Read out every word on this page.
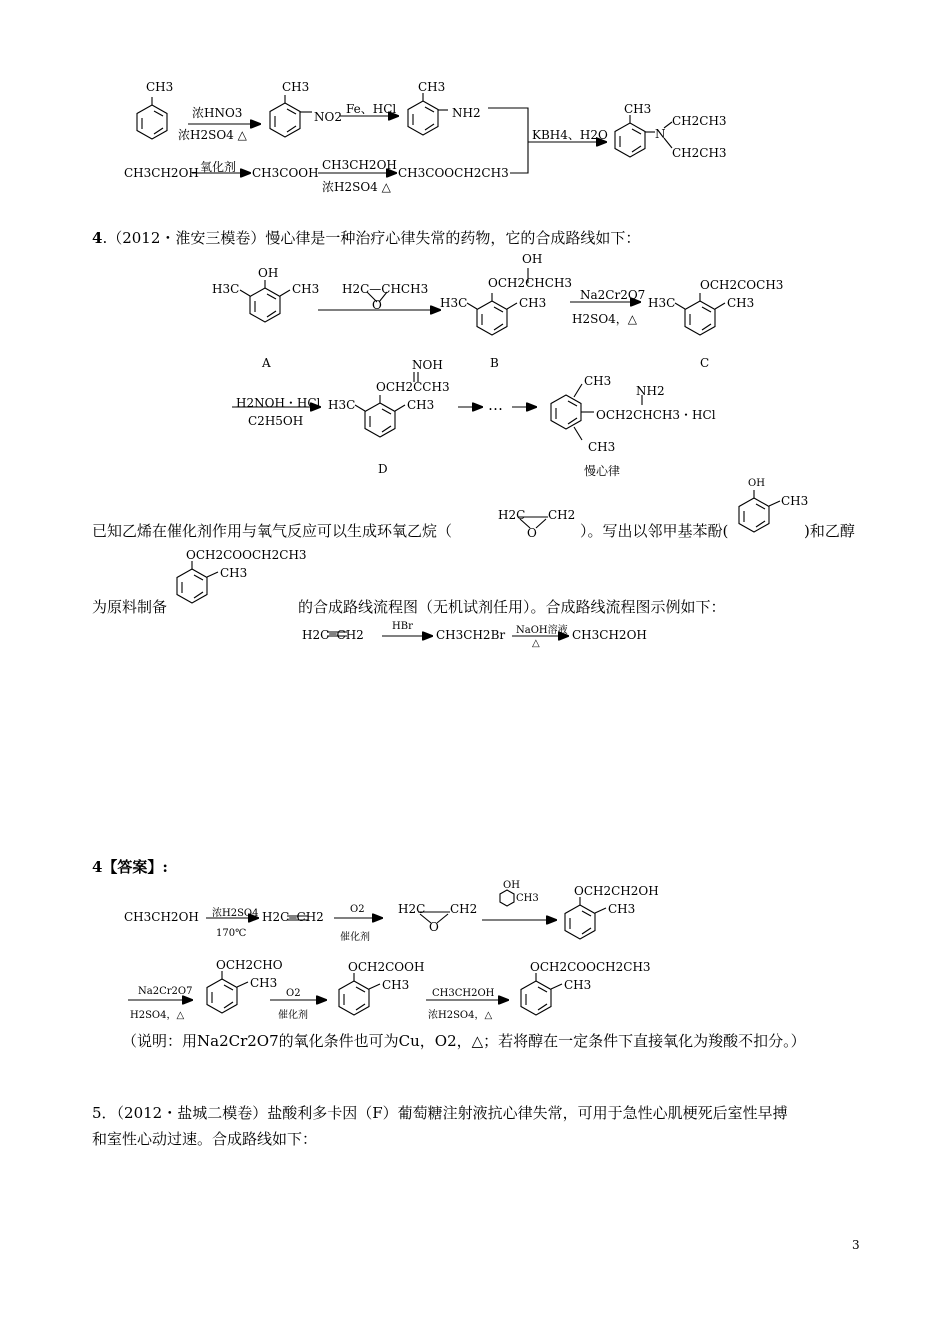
CH3
浓HNO3
浓H2SO4 △
CH3
NO2
Fe、HCl
CH3
NH2
KBH4、H2O
CH3
N
CH2CH3
CH2CH3
CH3CH2OH 氧化剂 CH3COOH
CH3CH2OH
浓H2SO4 △
CH3COOCH2CH3
4.（2012・淮安三模卷）慢心律是一种治疗心律失常的药物，它的合成路线如下：
OH
H3C	CH3
A
H2C—CHCH3
O
OH
OCH2CHCH3
H3C	CH3
B
Na2Cr2O7
H2SO4，△
OCH2COCH3
H3C	CH3
C
H2NOH・HCl
C2H5OH
NOH
OCH2CCH3
H3C	CH3
D
…
CH3
NH2
OCH2CHCH3・HCl
CH3
慢心律
已知乙烯在催化剂作用与氧气反应可以生成环氧乙烷（
H2C CH2
O	）。写出以邻甲基苯酚(
OH
CH3
)和乙醇
OCH2COOCH2CH3
CH3
为原料制备	的合成路线流程图（无机试剂任用）。合成路线流程图示例如下：
H2C═CH2
HBr
CH3CH2Br NaOH溶液
△
CH3CH2OH
4【答案】:
CH3CH2OH 浓H2SO4
170℃
H2C═CH2
O2
催化剂
H2C CH2
O
OH
CH3
OCH2CH2OH
CH3
Na2Cr2O7
H2SO4，△
OCH2CHO
CH3
O2
催化剂
OCH2COOH
CH3
CH3CH2OH
浓H2SO4，△
OCH2COOCH2CH3
CH3
（说明：用Na2Cr2O7的氧化条件也可为Cu，O2，△；若将醇在一定条件下直接氧化为羧酸不扣分。）
5．（2012・盐城二模卷）盐酸利多卡因（F）葡萄糖注射液抗心律失常，可用于急性心肌梗死后室性早搏
和室性心动过速。合成路线如下：
3
